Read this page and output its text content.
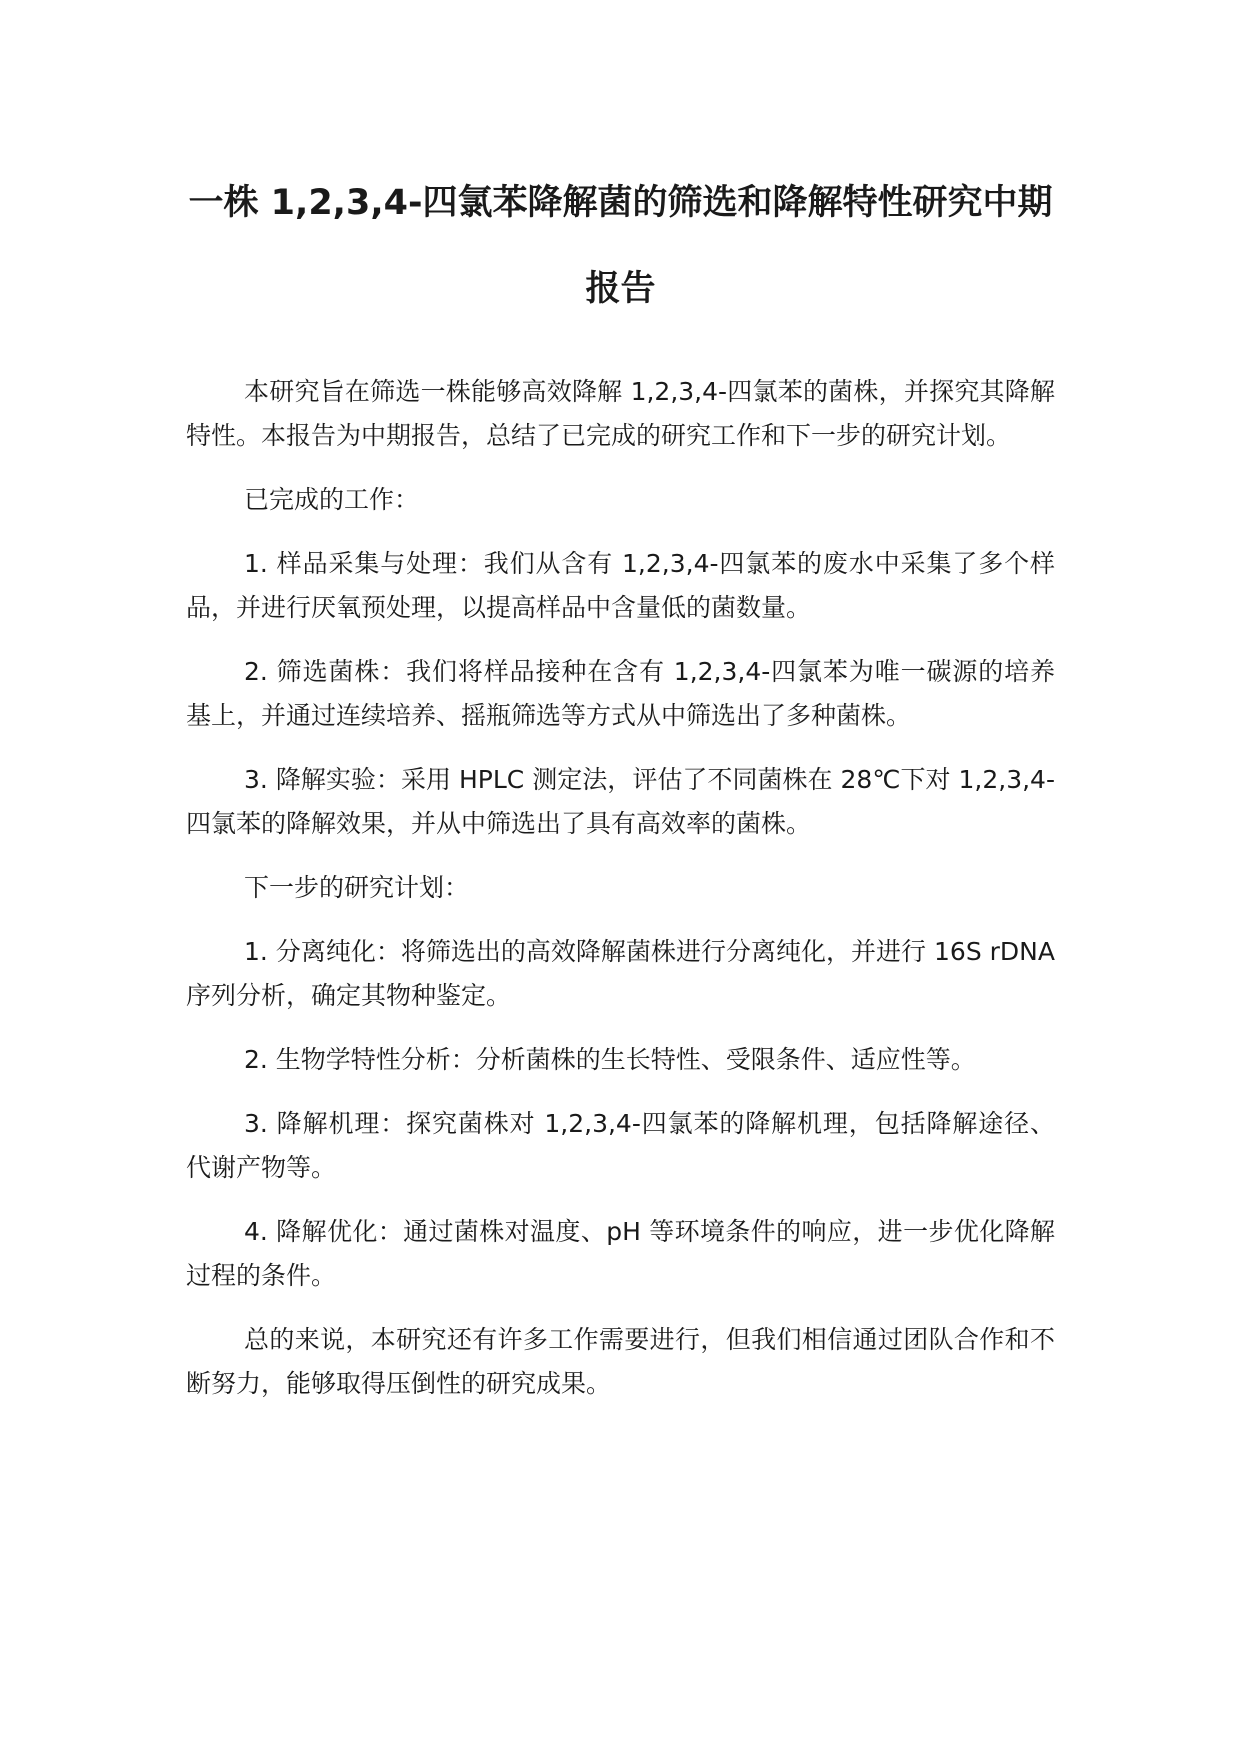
一株 1,2,3,4-四氯苯降解菌的筛选和降解特性研究中期报告

本研究旨在筛选一株能够高效降解 1,2,3,4-四氯苯的菌株，并探究其降解特性。本报告为中期报告，总结了已完成的研究工作和下一步的研究计划。

已完成的工作：

1. 样品采集与处理：我们从含有 1,2,3,4-四氯苯的废水中采集了多个样品，并进行厌氧预处理，以提高样品中含量低的菌数量。

2. 筛选菌株：我们将样品接种在含有 1,2,3,4-四氯苯为唯一碳源的培养基上，并通过连续培养、摇瓶筛选等方式从中筛选出了多种菌株。

3. 降解实验：采用 HPLC 测定法，评估了不同菌株在 28℃下对 1,2,3,4-四氯苯的降解效果，并从中筛选出了具有高效率的菌株。

下一步的研究计划：

1. 分离纯化：将筛选出的高效降解菌株进行分离纯化，并进行 16S rDNA 序列分析，确定其物种鉴定。

2. 生物学特性分析：分析菌株的生长特性、受限条件、适应性等。

3. 降解机理：探究菌株对 1,2,3,4-四氯苯的降解机理，包括降解途径、代谢产物等。

4. 降解优化：通过菌株对温度、pH 等环境条件的响应，进一步优化降解过程的条件。

总的来说，本研究还有许多工作需要进行，但我们相信通过团队合作和不断努力，能够取得压倒性的研究成果。
